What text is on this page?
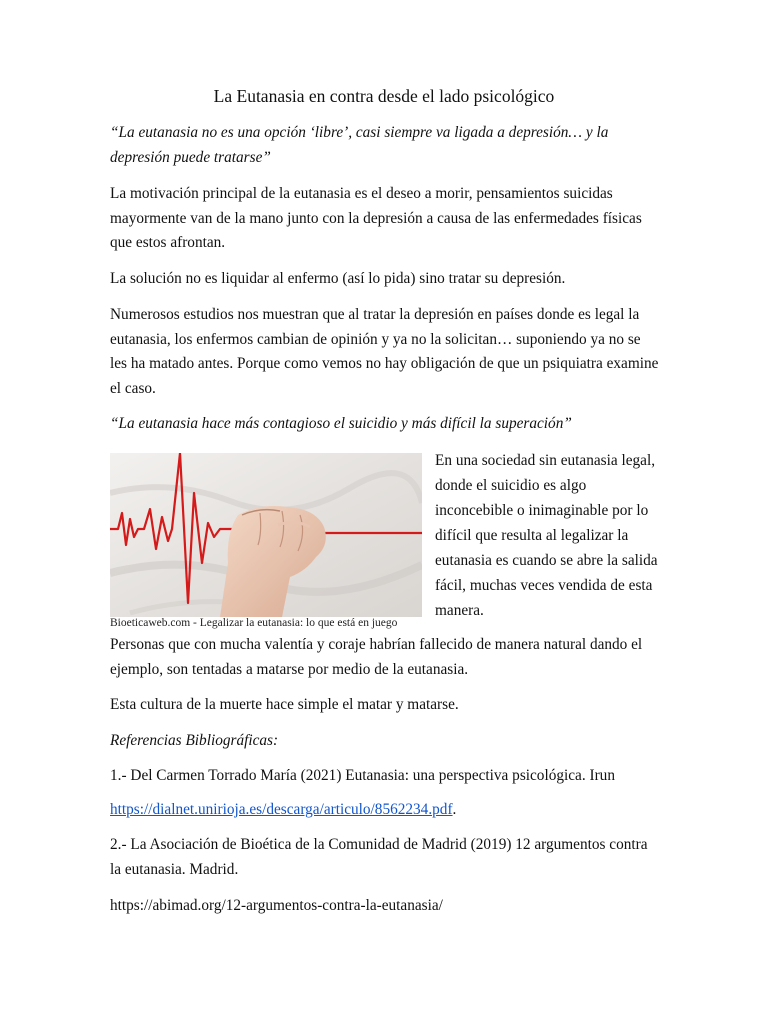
La Eutanasia en contra desde el lado psicológico

“La eutanasia no es una opción ‘libre’, casi siempre va ligada a depresión… y la depresión puede tratarse”

La motivación principal de la eutanasia es el deseo a morir, pensamientos suicidas mayormente van de la mano junto con la depresión a causa de las enfermedades físicas que estos afrontan.

La solución no es liquidar al enfermo (así lo pida) sino tratar su depresión.

Numerosos estudios nos muestran que al tratar la depresión en países donde es legal la eutanasia, los enfermos cambian de opinión y ya no la solicitan… suponiendo ya no se les ha matado antes. Porque como vemos no hay obligación de que un psiquiatra examine el caso.

“La eutanasia hace más contagioso el suicidio y más difícil la superación”

Bioeticaweb.com - Legalizar la eutanasia: lo que está en juego

En una sociedad sin eutanasia legal, donde el suicidio es algo inconcebible o inimaginable por lo difícil que resulta al legalizar la eutanasia es cuando se abre la salida fácil, muchas veces vendida de esta manera.

Personas que con mucha valentía y coraje habrían fallecido de manera natural dando el ejemplo, son tentadas a matarse por medio de la eutanasia.

Esta cultura de la muerte hace simple el matar y matarse.

Referencias Bibliográficas:

1.- Del Carmen Torrado María (2021) Eutanasia: una perspectiva psicológica. Irun

https://dialnet.unirioja.es/descarga/articulo/8562234.pdf.

2.- La Asociación de Bioética de la Comunidad de Madrid (2019) 12 argumentos contra la eutanasia. Madrid.

https://abimad.org/12-argumentos-contra-la-eutanasia/
